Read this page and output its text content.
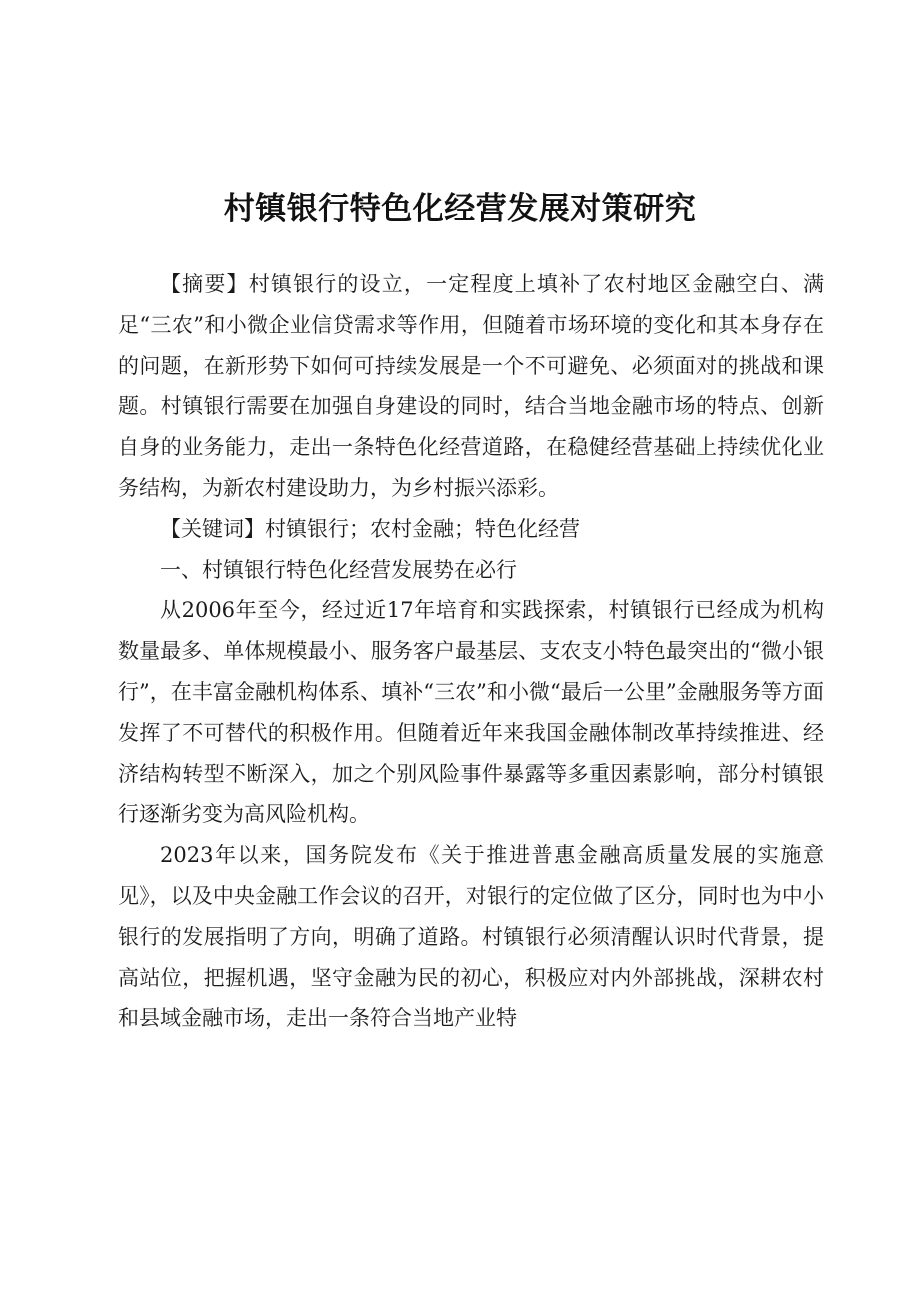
村镇银行特色化经营发展对策研究

【摘要】村镇银行的设立，一定程度上填补了农村地区金融空白、满足“三农”和小微企业信贷需求等作用，但随着市场环境的变化和其本身存在的问题，在新形势下如何可持续发展是一个不可避免、必须面对的挑战和课题。村镇银行需要在加强自身建设的同时，结合当地金融市场的特点、创新自身的业务能力，走出一条特色化经营道路，在稳健经营基础上持续优化业务结构，为新农村建设助力，为乡村振兴添彩。

【关键词】村镇银行；农村金融；特色化经营

一、村镇银行特色化经营发展势在必行

从2006年至今，经过近17年培育和实践探索，村镇银行已经成为机构数量最多、单体规模最小、服务客户最基层、支农支小特色最突出的“微小银行”，在丰富金融机构体系、填补“三农”和小微“最后一公里”金融服务等方面发挥了不可替代的积极作用。但随着近年来我国金融体制改革持续推进、经济结构转型不断深入，加之个别风险事件暴露等多重因素影响，部分村镇银行逐渐劣变为高风险机构。

2023年以来，国务院发布《关于推进普惠金融高质量发展的实施意见》，以及中央金融工作会议的召开，对银行的定位做了区分，同时也为中小银行的发展指明了方向，明确了道路。村镇银行必须清醒认识时代背景，提高站位，把握机遇，坚守金融为民的初心，积极应对内外部挑战，深耕农村和县域金融市场，走出一条符合当地产业特
